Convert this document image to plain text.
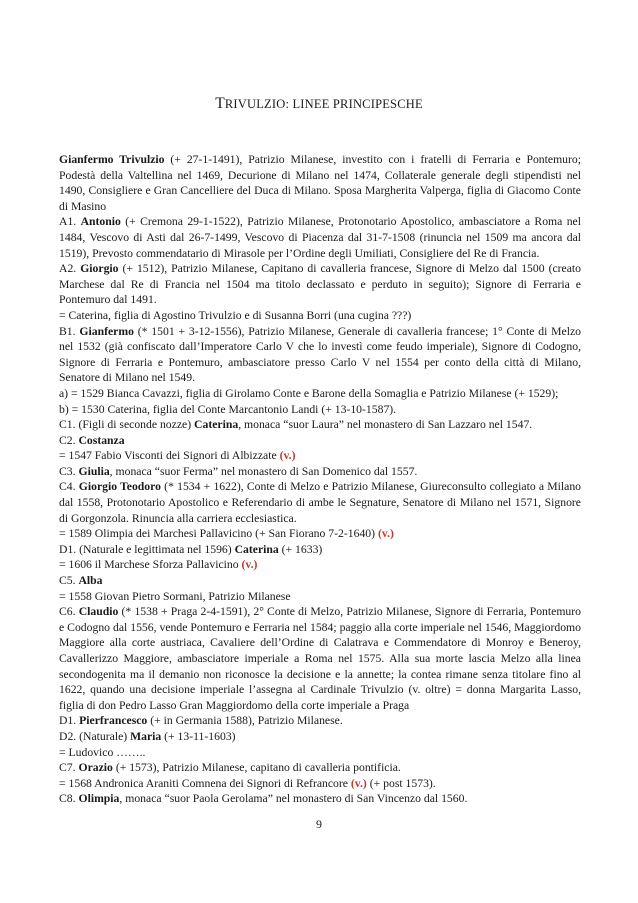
TRIVULZIO: LINEE PRINCIPESCHE

Gianfermo Trivulzio (+ 27-1-1491), Patrizio Milanese, investito con i fratelli di Ferraria e Pontemuro; Podestà della Valtellina nel 1469, Decurione di Milano nel 1474, Collaterale generale degli stipendisti nel 1490, Consigliere e Gran Cancelliere del Duca di Milano. Sposa Margherita Valperga, figlia di Giacomo Conte di Masino

A1. Antonio (+ Cremona 29-1-1522), Patrizio Milanese, Protonotario Apostolico, ambasciatore a Roma nel 1484, Vescovo di Asti dal 26-7-1499, Vescovo di Piacenza dal 31-7-1508 (rinuncia nel 1509 ma ancora dal 1519), Prevosto commendatario di Mirasole per l’Ordine degli Umiliati, Consigliere del Re di Francia.

A2. Giorgio (+ 1512), Patrizio Milanese, Capitano di cavalleria francese, Signore di Melzo dal 1500 (creato Marchese dal Re di Francia nel 1504 ma titolo declassato e perduto in seguito); Signore di Ferraria e Pontemuro dal 1491.

= Caterina, figlia di Agostino Trivulzio e di Susanna Borri (una cugina ???)

B1. Gianfermo (* 1501 + 3-12-1556), Patrizio Milanese, Generale di cavalleria francese; 1° Conte di Melzo nel 1532 (già confiscato dall’Imperatore Carlo V che lo investì come feudo imperiale), Signore di Codogno, Signore di Ferraria e Pontemuro, ambasciatore presso Carlo V nel 1554 per conto della città di Milano, Senatore di Milano nel 1549.

a) = 1529 Bianca Cavazzi, figlia di Girolamo Conte e Barone della Somaglia e Patrizio Milanese (+ 1529);

b) = 1530 Caterina, figlia del Conte Marcantonio Landi (+ 13-10-1587).

C1. (Figli di seconde nozze) Caterina, monaca “suor Laura” nel monastero di San Lazzaro nel 1547.

C2. Costanza

= 1547 Fabio Visconti dei Signori di Albizzate (v.)

C3. Giulia, monaca “suor Ferma” nel monastero di San Domenico dal 1557.

C4. Giorgio Teodoro (* 1534 + 1622), Conte di Melzo e Patrizio Milanese, Giureconsulto collegiato a Milano dal 1558, Protonotario Apostolico e Referendario di ambe le Segnature, Senatore di Milano nel 1571, Signore di Gorgonzola. Rinuncia alla carriera ecclesiastica.

= 1589 Olimpia dei Marchesi Pallavicino (+ San Fiorano 7-2-1640) (v.)

D1. (Naturale e legittimata nel 1596) Caterina (+ 1633)

= 1606 il Marchese Sforza Pallavicino (v.)

C5. Alba

= 1558 Giovan Pietro Sormani, Patrizio Milanese

C6. Claudio (* 1538 + Praga 2-4-1591), 2° Conte di Melzo, Patrizio Milanese, Signore di Ferraria, Pontemuro e Codogno dal 1556, vende Pontemuro e Ferraria nel 1584; paggio alla corte imperiale nel 1546, Maggiordomo Maggiore alla corte austriaca, Cavaliere dell’Ordine di Calatrava e Commendatore di Monroy e Beneroy, Cavallerizzo Maggiore, ambasciatore imperiale a Roma nel 1575. Alla sua morte lascia Melzo alla linea secondogenita ma il demanio non riconosce la decisione e la annette; la contea rimane senza titolare fino al 1622, quando una decisione imperiale l’assegna al Cardinale Trivulzio (v. oltre) = donna Margarita Lasso, figlia di don Pedro Lasso Gran Maggiordomo della corte imperiale a Praga

D1. Pierfrancesco (+ in Germania 1588), Patrizio Milanese.

D2. (Naturale) Maria (+ 13-11-1603)

= Ludovico ……..

C7. Orazio (+ 1573), Patrizio Milanese, capitano di cavalleria pontificia.

= 1568 Andronica Araniti Comnena dei Signori di Refrancore (v.) (+ post 1573).

C8. Olimpia, monaca “suor Paola Gerolama” nel monastero di San Vincenzo dal 1560.

9
